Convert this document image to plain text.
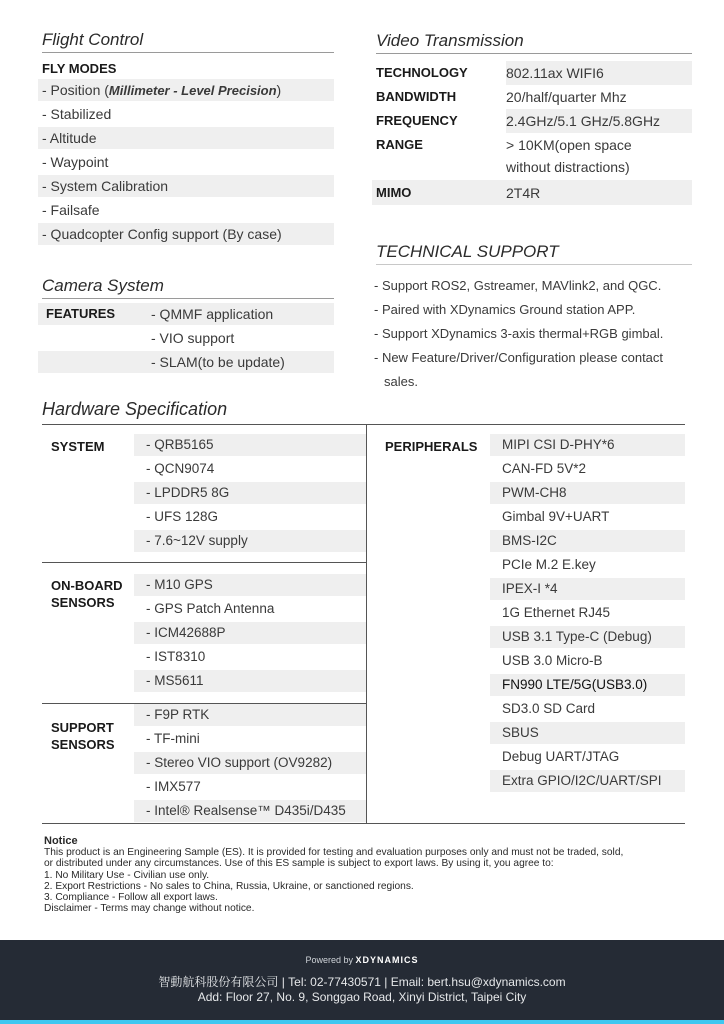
Flight Control
FLY MODES
- Position (Millimeter - Level Precision)
- Stabilized
- Altitude
- Waypoint
- System Calibration
- Failsafe
- Quadcopter Config support (By case)
Camera System
FEATURES	- QMMF application
- VIO support
- SLAM(to be update)
Video Transmission
TECHNOLOGY	802.11ax WIFI6
BANDWIDTH	20/half/quarter Mhz
FREQUENCY	2.4GHz/5.1 GHz/5.8GHz
RANGE	> 10KM(open space
without distractions)
MIMO	2T4R
TECHNICAL SUPPORT
- Support ROS2, Gstreamer, MAVlink2, and QGC.
- Paired with XDynamics Ground station APP.
- Support XDynamics 3-axis thermal+RGB gimbal.
- New Feature/Driver/Configuration please contact
sales.
Hardware Specification
SYSTEM	- QRB5165
- QCN9074
- LPDDR5 8G
- UFS 128G
- 7.6~12V supply
ON-BOARD
SENSORS
- M10 GPS
- GPS Patch Antenna
- ICM42688P
- IST8310
- MS5611
SUPPORT
SENSORS
- F9P RTK
- TF-mini
- Stereo VIO support (OV9282)
- IMX577
- Intel® Realsense™ D435i/D435
PERIPHERALS	MIPI CSI D-PHY*6
CAN-FD 5V*2
PWM-CH8
Gimbal 9V+UART
BMS-I2C
PCIe M.2 E.key
IPEX-I *4
1G Ethernet RJ45
USB 3.1 Type-C (Debug)
USB 3.0 Micro-B
FN990 LTE/5G(USB3.0)
SD3.0 SD Card
SBUS
Debug UART/JTAG
Extra GPIO/I2C/UART/SPI
Notice
This product is an Engineering Sample (ES). It is provided for testing and evaluation purposes only and must not be traded, sold,
or distributed under any circumstances. Use of this ES sample is subject to export laws. By using it, you agree to:
1. No Military Use - Civilian use only.
2. Export Restrictions - No sales to China, Russia, Ukraine, or sanctioned regions.
3. Compliance - Follow all export laws.
Disclaimer - Terms may change without notice.
Powered by XDYNAMICS
智動航科股份有限公司 | Tel: 02-77430571 | Email: bert.hsu@xdynamics.com
Add: Floor 27, No. 9, Songgao Road, Xinyi District, Taipei City
